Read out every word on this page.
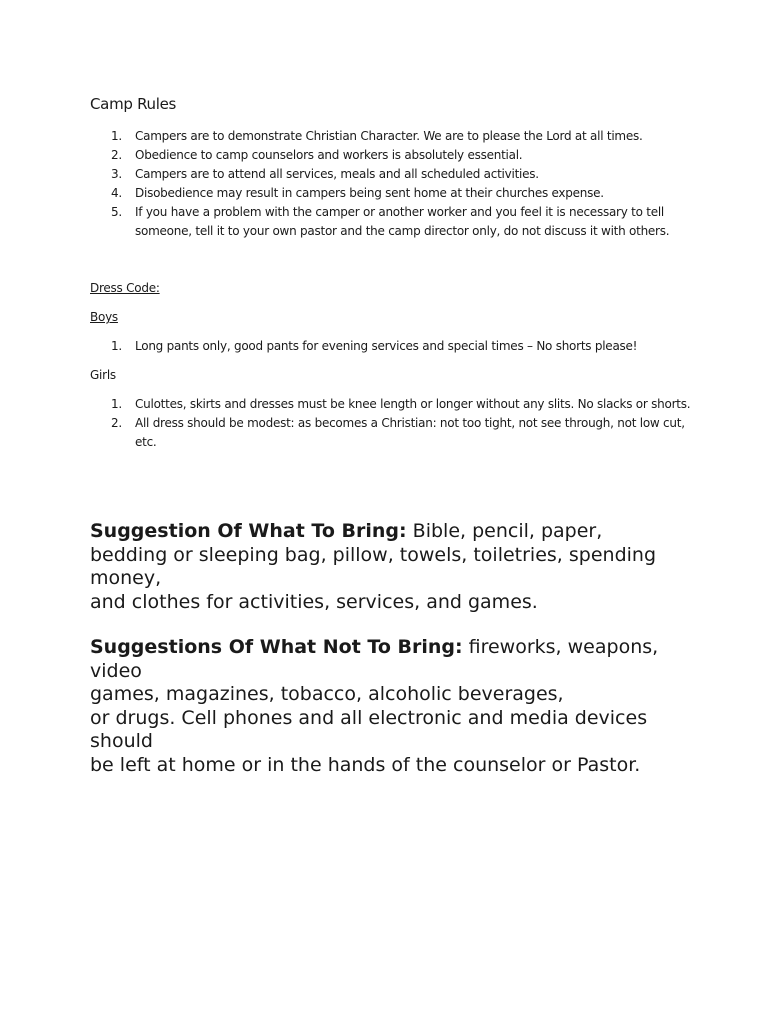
Camp Rules
1. Campers are to demonstrate Christian Character. We are to please the Lord at all times.
2. Obedience to camp counselors and workers is absolutely essential.
3. Campers are to attend all services, meals and all scheduled activities.
4. Disobedience may result in campers being sent home at their churches expense.
5. If you have a problem with the camper or another worker and you feel it is necessary to tell
someone, tell it to your own pastor and the camp director only, do not discuss it with others.
Dress Code:
Boys
1. Long pants only, good pants for evening services and special times – No shorts please!
Girls
1. Culottes, skirts and dresses must be knee length or longer without any slits. No slacks or shorts.
2. All dress should be modest: as becomes a Christian: not too tight, not see through, not low cut,
etc.
Suggestion Of What To Bring: Bible, pencil, paper,
bedding or sleeping bag, pillow, towels, toiletries, spending
money,
and clothes for activities, services, and games.
Suggestions Of What Not To Bring: fireworks, weapons,
video
games, magazines, tobacco, alcoholic beverages,
or drugs. Cell phones and all electronic and media devices
should
be left at home or in the hands of the counselor or Pastor.
